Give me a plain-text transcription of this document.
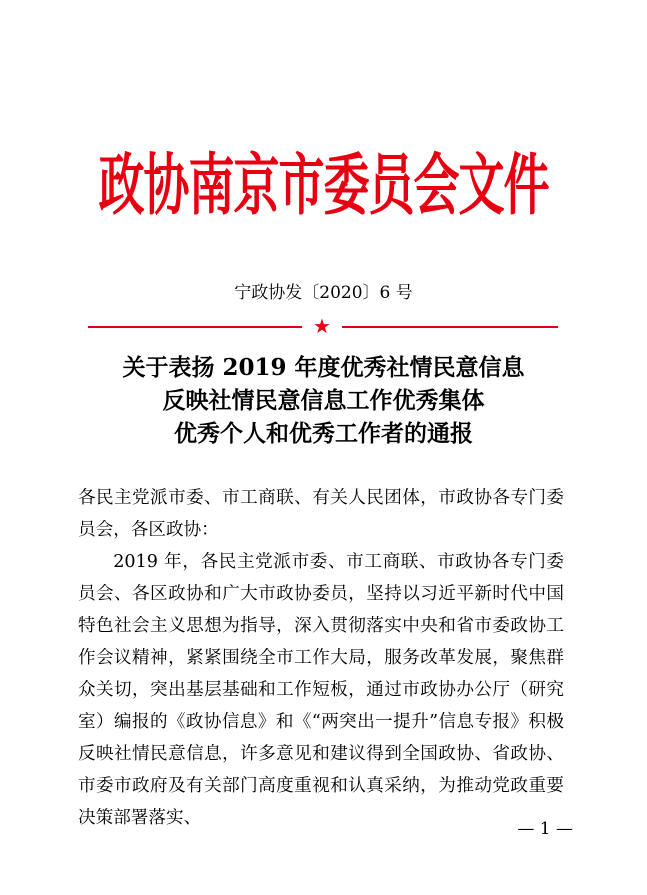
政协南京市委员会文件
宁政协发〔2020〕6 号
★
关于表扬 2019 年度优秀社情民意信息
反映社情民意信息工作优秀集体
优秀个人和优秀工作者的通报

各民主党派市委、市工商联、有关人民团体，市政协各专门委员会，各区政协：

2019 年，各民主党派市委、市工商联、市政协各专门委员会、各区政协和广大市政协委员，坚持以习近平新时代中国特色社会主义思想为指导，深入贯彻落实中央和省市委政协工作会议精神，紧紧围绕全市工作大局，服务改革发展，聚焦群众关切，突出基层基础和工作短板，通过市政协办公厅（研究室）编报的《政协信息》和《“两突出一提升”信息专报》积极反映社情民意信息，许多意见和建议得到全国政协、省政协、市委市政府及有关部门高度重视和认真采纳，为推动党政重要决策部署落实、

— 1 —
